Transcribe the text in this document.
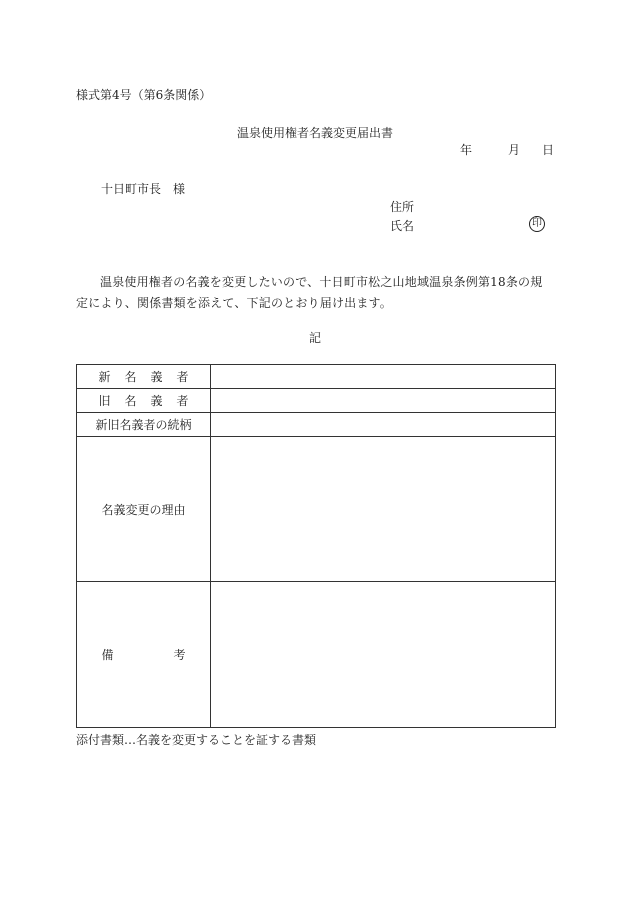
様式第4号（第6条関係）
温泉使用権者名義変更届出書
年	月 日
十日町市長　様
住所
氏名	印
温泉使用権者の名義を変更したいので、十日町市松之山地域温泉条例第18条の規定により、関係書類を添えて、下記のとおり届け出ます。
記
新名義者	
旧名義者	
新旧名義者の続柄	
名義変更の理由	
備考	
添付書類…名義を変更することを証する書類
